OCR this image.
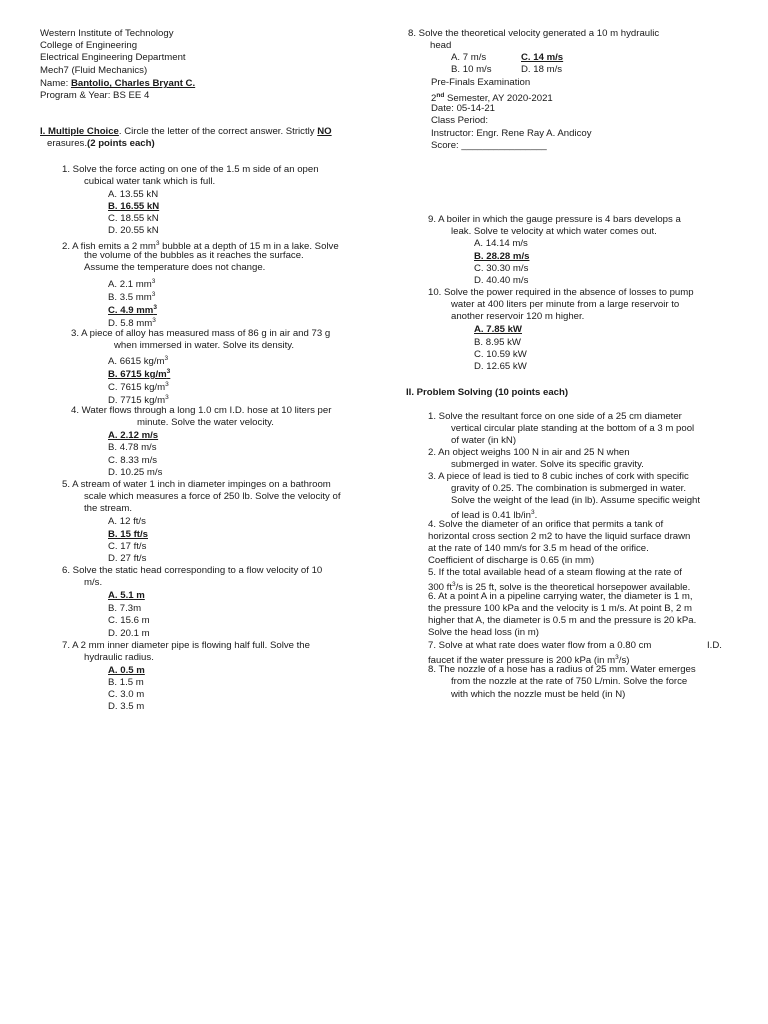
Western Institute of Technology
College of Engineering
Electrical Engineering Department
Mech7 (Fluid Mechanics)
Name: Bantolio, Charles Bryant C.
Program & Year: BS EE 4
I. Multiple Choice. Circle the letter of the correct answer. Strictly NO
erasures.(2 points each)
1. Solve the force acting on one of the 1.5 m side of an open
cubical water tank which is full.
A. 13.55 kN
B. 16.55 kN
C. 18.55 kN
D. 20.55 kN
2. A fish emits a 2 $mm^3$ bubble at a depth of 15 m in a lake. Solve
the volume of the bubbles as it reaches the surface.
Assume the temperature does not change.
A. 2.1 $mm^3$
B. 3.5 $mm^3$
C. 4.9 $mm^3$
D. 5.8 $mm^3$
3. A piece of alloy has measured mass of 86 g in air and 73 g
when immersed in water. Solve its density.
A. 6615 $kg/m^3$
B. 6715 $kg/m^3$
C. 7615 $kg/m^3$
D. 7715 $kg/m^3$
4. Water flows through a long 1.0 cm I.D. hose at 10 liters per
minute. Solve the water velocity.
A. 2.12 m/s
B. 4.78 m/s
C. 8.33 m/s
D. 10.25 m/s
5. A stream of water 1 inch in diameter impinges on a bathroom
scale which measures a force of 250 lb. Solve the velocity of
the stream.
A. 12 ft/s
B. 15 ft/s
C. 17 ft/s
D. 27 ft/s
6. Solve the static head corresponding to a flow velocity of 10
m/s.
A. 5.1 m
B. 7.3m
C. 15.6 m
D. 20.1 m
7. A 2 mm inner diameter pipe is flowing half full. Solve the
hydraulic radius.
A. 0.5 m
B. 1.5 m
C. 3.0 m
D. 3.5 m
8. Solve the theoretical velocity generated a 10 m hydraulic
head
A. 7 m/s	C. 14 m/s
B. 10 m/s	D. 18 m/s
Pre-Finals Examination
2nd Semester, AY 2020-2021
Date: 05-14-21
Class Period:
Instructor: Engr. Rene Ray A. Andicoy
Score: ________________
9. A boiler in which the gauge pressure is 4 bars develops a
leak. Solve te velocity at which water comes out.
A. 14.14 m/s
B. 28.28 m/s
C. 30.30 m/s
D. 40.40 m/s
10. Solve the power required in the absence of losses to pump
water at 400 liters per minute from a large reservoir to
another reservoir 120 m higher.
A. 7.85 kW
B. 8.95 kW
C. 10.59 kW
D. 12.65 kW
II. Problem Solving (10 points each)
1. Solve the resultant force on one side of a 25 cm diameter
vertical circular plate standing at the bottom of a 3 m pool
of water (in kN)
2. An object weighs 100 N in air and 25 N when
submerged in water. Solve its specific gravity.
3. A piece of lead is tied to 8 cubic inches of cork with specific
gravity of 0.25. The combination is submerged in water.
Solve the weight of the lead (in lb). Assume specific weight
of lead is 0.41 $lb/in^3$.
4. Solve the diameter of an orifice that permits a tank of
horizontal cross section 2 m2 to have the liquid surface drawn
at the rate of 140 mm/s for 3.5 m head of the orifice.
Coefficient of discharge is 0.65 (in mm)
5. If the total available head of a steam flowing at the rate of
300 $ft^3/s$ is 25 ft, solve is the theoretical horsepower available.
6. At a point A in a pipeline carrying water, the diameter is 1 m,
the pressure 100 kPa and the velocity is 1 m/s. At point B, 2 m
higher that A, the diameter is 0.5 m and the pressure is 20 kPa.
Solve the head loss (in m)
7. Solve at what rate does water flow from a 0.80 cm	I.D.
faucet if the water pressure is 200 kPa (in $m^3/s$)
8. The nozzle of a hose has a radius of 25 mm. Water emerges
from the nozzle at the rate of 750 L/min. Solve the force
with which the nozzle must be held (in N)
